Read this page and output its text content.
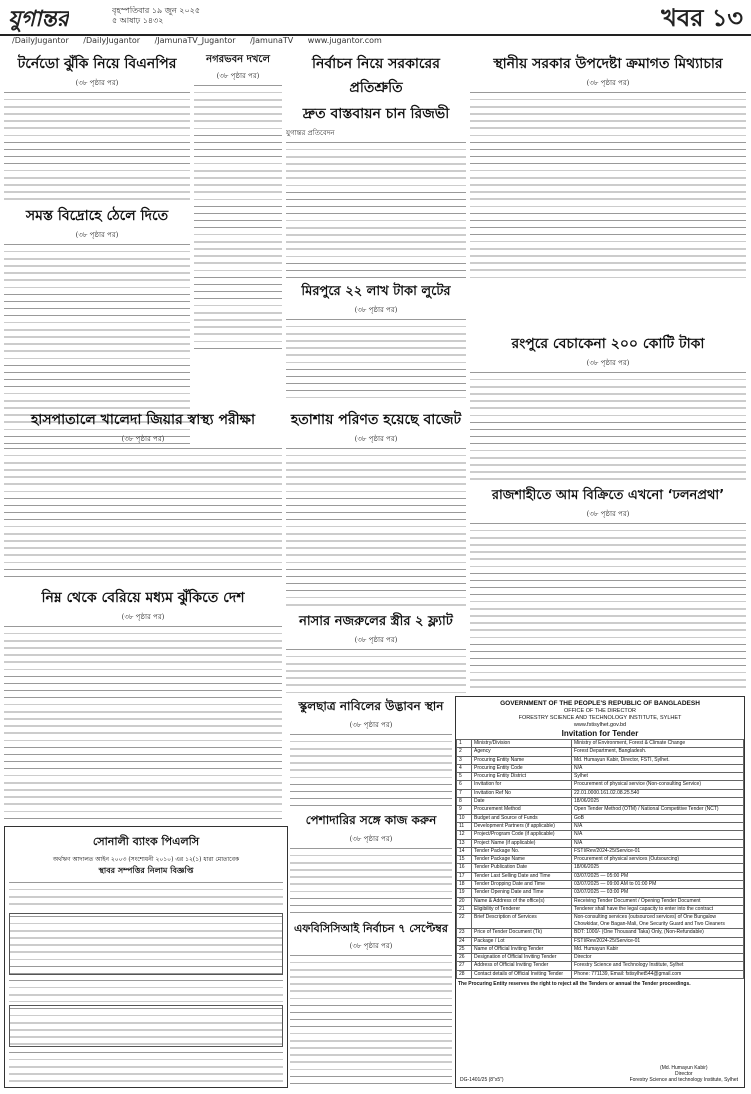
যুগান্তর	বৃহস্পতিবার ১৯ জুন ২০২৫
৫ আষাঢ় ১৪৩২	খবর ১৩
/DailyJugantor /DailyJugantor /JamunaTV_Jugantor /JamunaTV www.jugantor.com
টর্নেডো ঝুঁকি নিয়ে বিএনপির
(৩৮ পৃষ্ঠার পর)
নগরভবন দখলে
(৩৮ পৃষ্ঠার পর)
নির্বাচন নিয়ে সরকারের প্রতিশ্রুতি
দ্রুত বাস্তবায়ন চান রিজভী
যুগান্তর প্রতিবেদন
স্থানীয় সরকার উপদেষ্টা ক্রমাগত মিথ্যাচার
(৩৮ পৃষ্ঠার পর)
সমস্ত বিদ্রোহে ঠেলে দিতে
(৩৮ পৃষ্ঠার পর)
মিরপুরে ২২ লাখ টাকা লুটের
(৩৮ পৃষ্ঠার পর)
রংপুরে বেচাকেনা ২০০ কোটি টাকা
(৩৮ পৃষ্ঠার পর)
হাসপাতালে খালেদা জিয়ার স্বাস্থ্য পরীক্ষা
(৩৮ পৃষ্ঠার পর)
হতাশায় পরিণত হয়েছে বাজেট
(৩৮ পৃষ্ঠার পর)
রাজশাহীতে আম বিক্রিতে এখনো ‘ঢলনপ্রথা’
(৩৮ পৃষ্ঠার পর)
নিম্ন থেকে বেরিয়ে মধ্যম ঝুঁকিতে দেশ
(৩৮ পৃষ্ঠার পর)	নাসার নজরুলের স্ত্রীর ২ ফ্ল্যাট
(৩৮ পৃষ্ঠার পর)
স্কুলছাত্র নাবিলের উদ্ভাবন স্থান
(৩৮ পৃষ্ঠার পর)
পেশাদারির সঙ্গে কাজ করুন
(৩৮ পৃষ্ঠার পর)
এফবিসিসিআই নির্বাচন ৭ সেপ্টেম্বর
(৩৮ পৃষ্ঠার পর)
সোনালী ব্যাংক পিএলসি
অর্থঋণ আদালত আইন ২০০৩ (সংশোধনী ২০১০) এর ১২(১) ধারা মোতাবেক
স্থাবর সম্পত্তির নিলাম বিজ্ঞপ্তি
GOVERNMENT OF THE PEOPLE'S REPUBLIC OF BANGLADESH
OFFICE OF THE DIRECTOR
FORESTRY SCIENCE AND TECHNOLOGY INSTITUTE, SYLHET
www.fstisylhet.gov.bd
Invitation for Tender
1	Ministry/Division	Ministry of Environment, Forest & Climate Change
2	Agency	Forest Department, Bangladesh.
3	Procuring Entity Name	Md. Humayun Kabir, Director, FSTI, Sylhet.
4	Procuring Entity Code	N/A
5	Procuring Entity District	Sylhet
6	Invitation for	Procurement of physical service (Non-consulting Service)
7	Invitation Ref No	22.01.0000.161.02.08.25.540
8	Date	18/06/2025
9	Procurement Method	Open Tender Method (OTM) / National Competitive Tender (NCT)
10	Budget and Source of Funds	GoB
11	Development Partners (if applicable)	N/A
12	Project/Program Code (if applicable)	N/A
13	Project Name (if applicable)	N/A
14	Tender Package No.	FSTI/Rev/2024-25/Service-01
15	Tender Package Name	Procurement of physical services (Outsourcing)
16	Tender Publication Date	18/06/2025
17	Tender Last Selling Date and Time	03/07/2025 — 05:00 PM
18	Tender Dropping Date and Time	03/07/2025 — 09:00 AM to 01:00 PM
19	Tender Opening Date and Time	03/07/2025 — 03:00 PM
20	Name & Address of the office(s)	Receiving Tender Document / Opening Tender Document
21	Eligibility of Tenderer	Tenderer shall have the legal capacity to enter into the contract
22	Brief Description of Services	Non-consulting services (outsourced services) of One Bungalow Chowkidar, One Bagan-Mali, One Security Guard and Two Cleaners
23	Price of Tender Document (Tk)	BDT: 1000/- (One Thousand Taka) Only, (Non-Refundable)
24	Package / Lot	FSTI/Rev/2024-25/Service-01
25	Name of Official Inviting Tender	Md. Humayun Kabir
26	Designation of Official Inviting Tender	Director
27	Address of Official Inviting Tender	Forestry Science and Technology Institute, Sylhet
28	Contact details of Official Inviting Tender	Phone: 771139, Email: fstisylhet544@gmail.com
The Procuring Entity reserves the right to reject all the Tenders or annual the Tender proceedings.
(Md. Humayun Kabir)
Director
Forestry Science and technology Institute, Sylhet
DG-1401/25 (8"x5")
